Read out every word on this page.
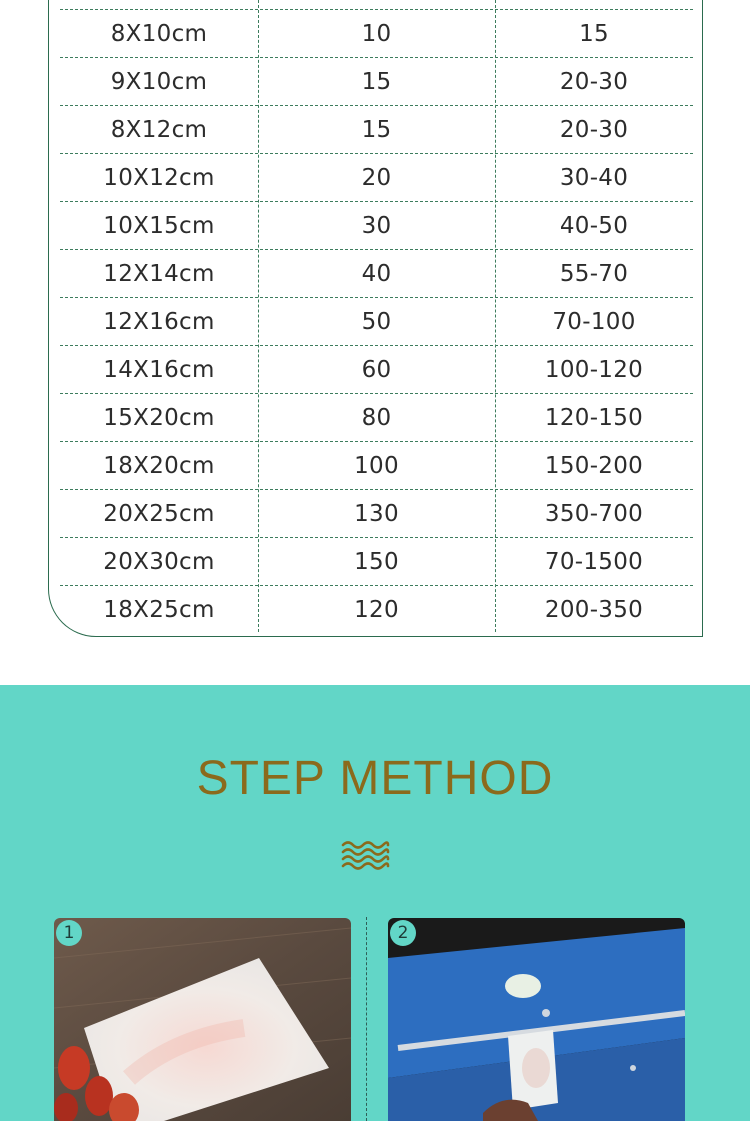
8X10cm	10	15
9X10cm	15	20-30
8X12cm	15	20-30
10X12cm	20	30-40
10X15cm	30	40-50
12X14cm	40	55-70
12X16cm	50	70-100
14X16cm	60	100-120
15X20cm	80	120-150
18X20cm	100	150-200
20X25cm	130	350-700
20X30cm	150	70-1500
18X25cm	120	200-350
STEP METHOD
1	2
